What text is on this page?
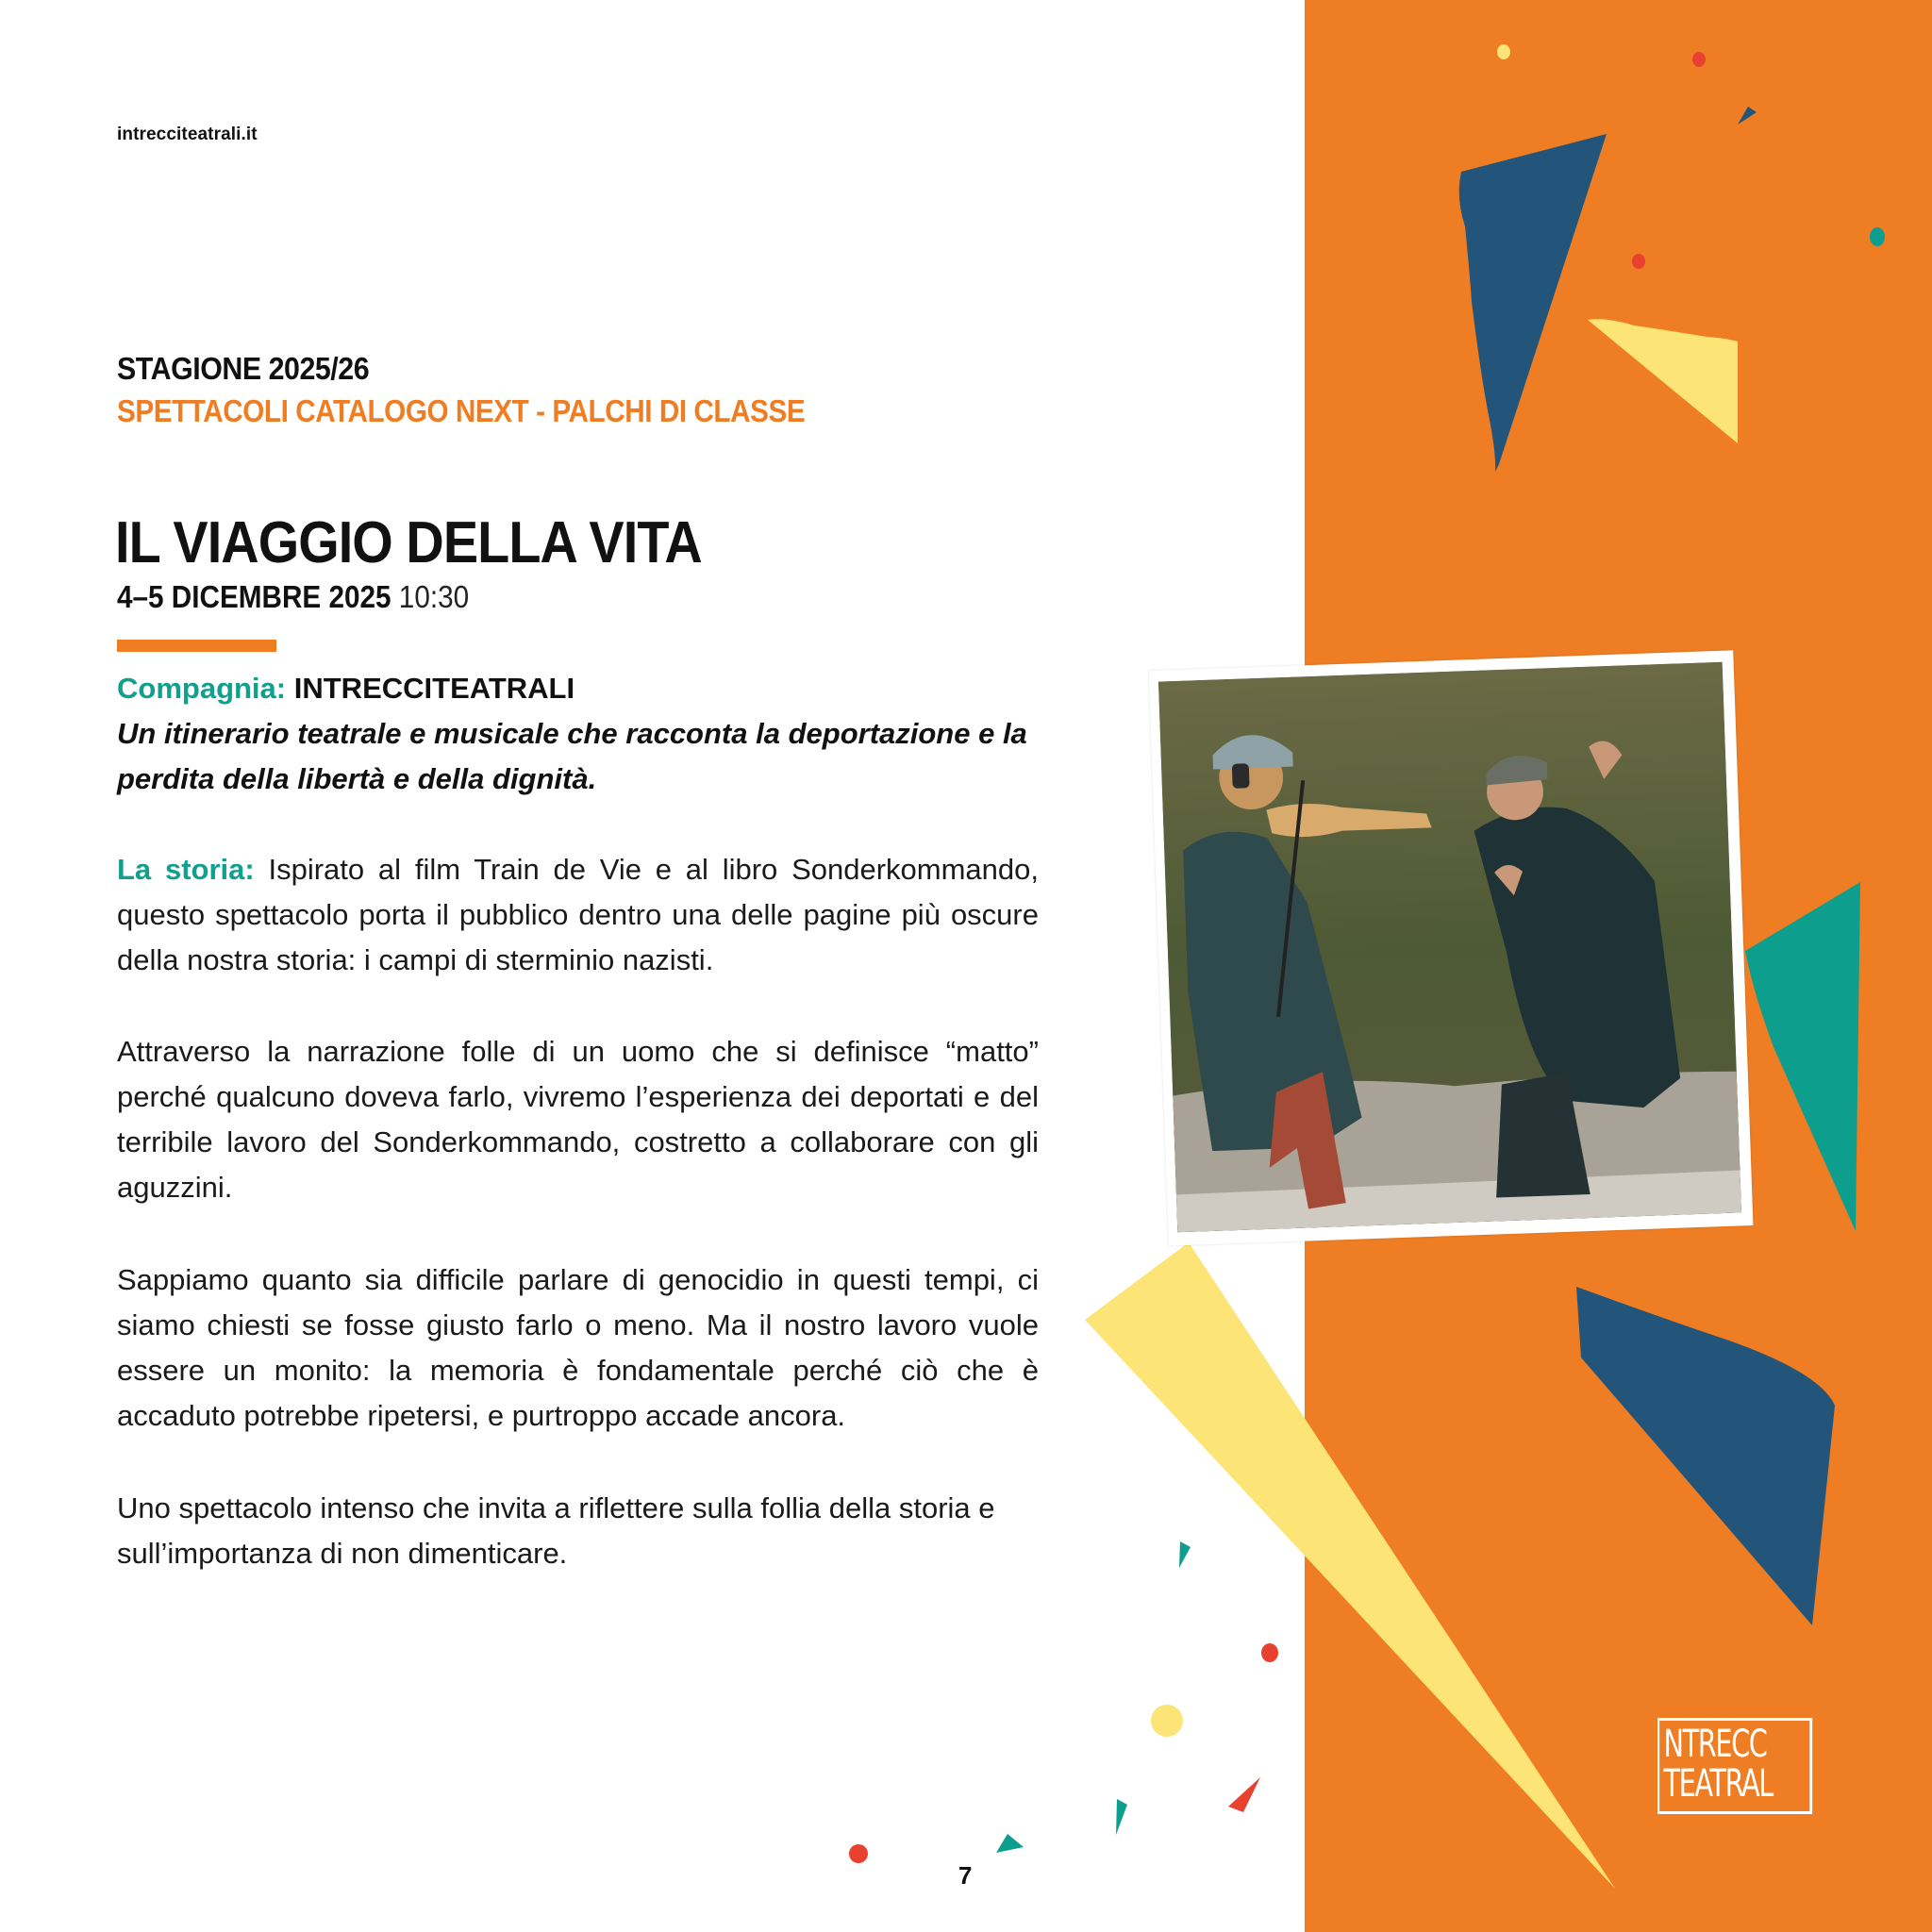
intrecciteatrali.it
STAGIONE 2025/26
SPETTACOLI CATALOGO NEXT - PALCHI DI CLASSE
IL VIAGGIO DELLA VITA
4–5 DICEMBRE 2025 10:30
Compagnia: INTRECCITEATRALI
Un itinerario teatrale e musicale che racconta la deportazione e la perdita della libertà e della dignità.
La storia: Ispirato al film Train de Vie e al libro Sonderkommando, questo spettacolo porta il pubblico dentro una delle pagine più oscure della nostra storia: i campi di sterminio nazisti.
Attraverso la narrazione folle di un uomo che si definisce “matto” perché qualcuno doveva farlo, vivremo l’esperienza dei deportati e del terribile lavoro del Sonderkommando, costretto a collaborare con gli aguzzini.
Sappiamo quanto sia difficile parlare di genocidio in questi tempi, ci siamo chiesti se fosse giusto farlo o meno. Ma il nostro lavoro vuole essere un monito: la memoria è fondamentale perché ciò che è accaduto potrebbe ripetersi, e purtroppo accade ancora.
Uno spettacolo intenso che invita a riflettere sulla follia della storia e sull’importanza di non dimenticare.
NTRECC
TEATRAL
7
